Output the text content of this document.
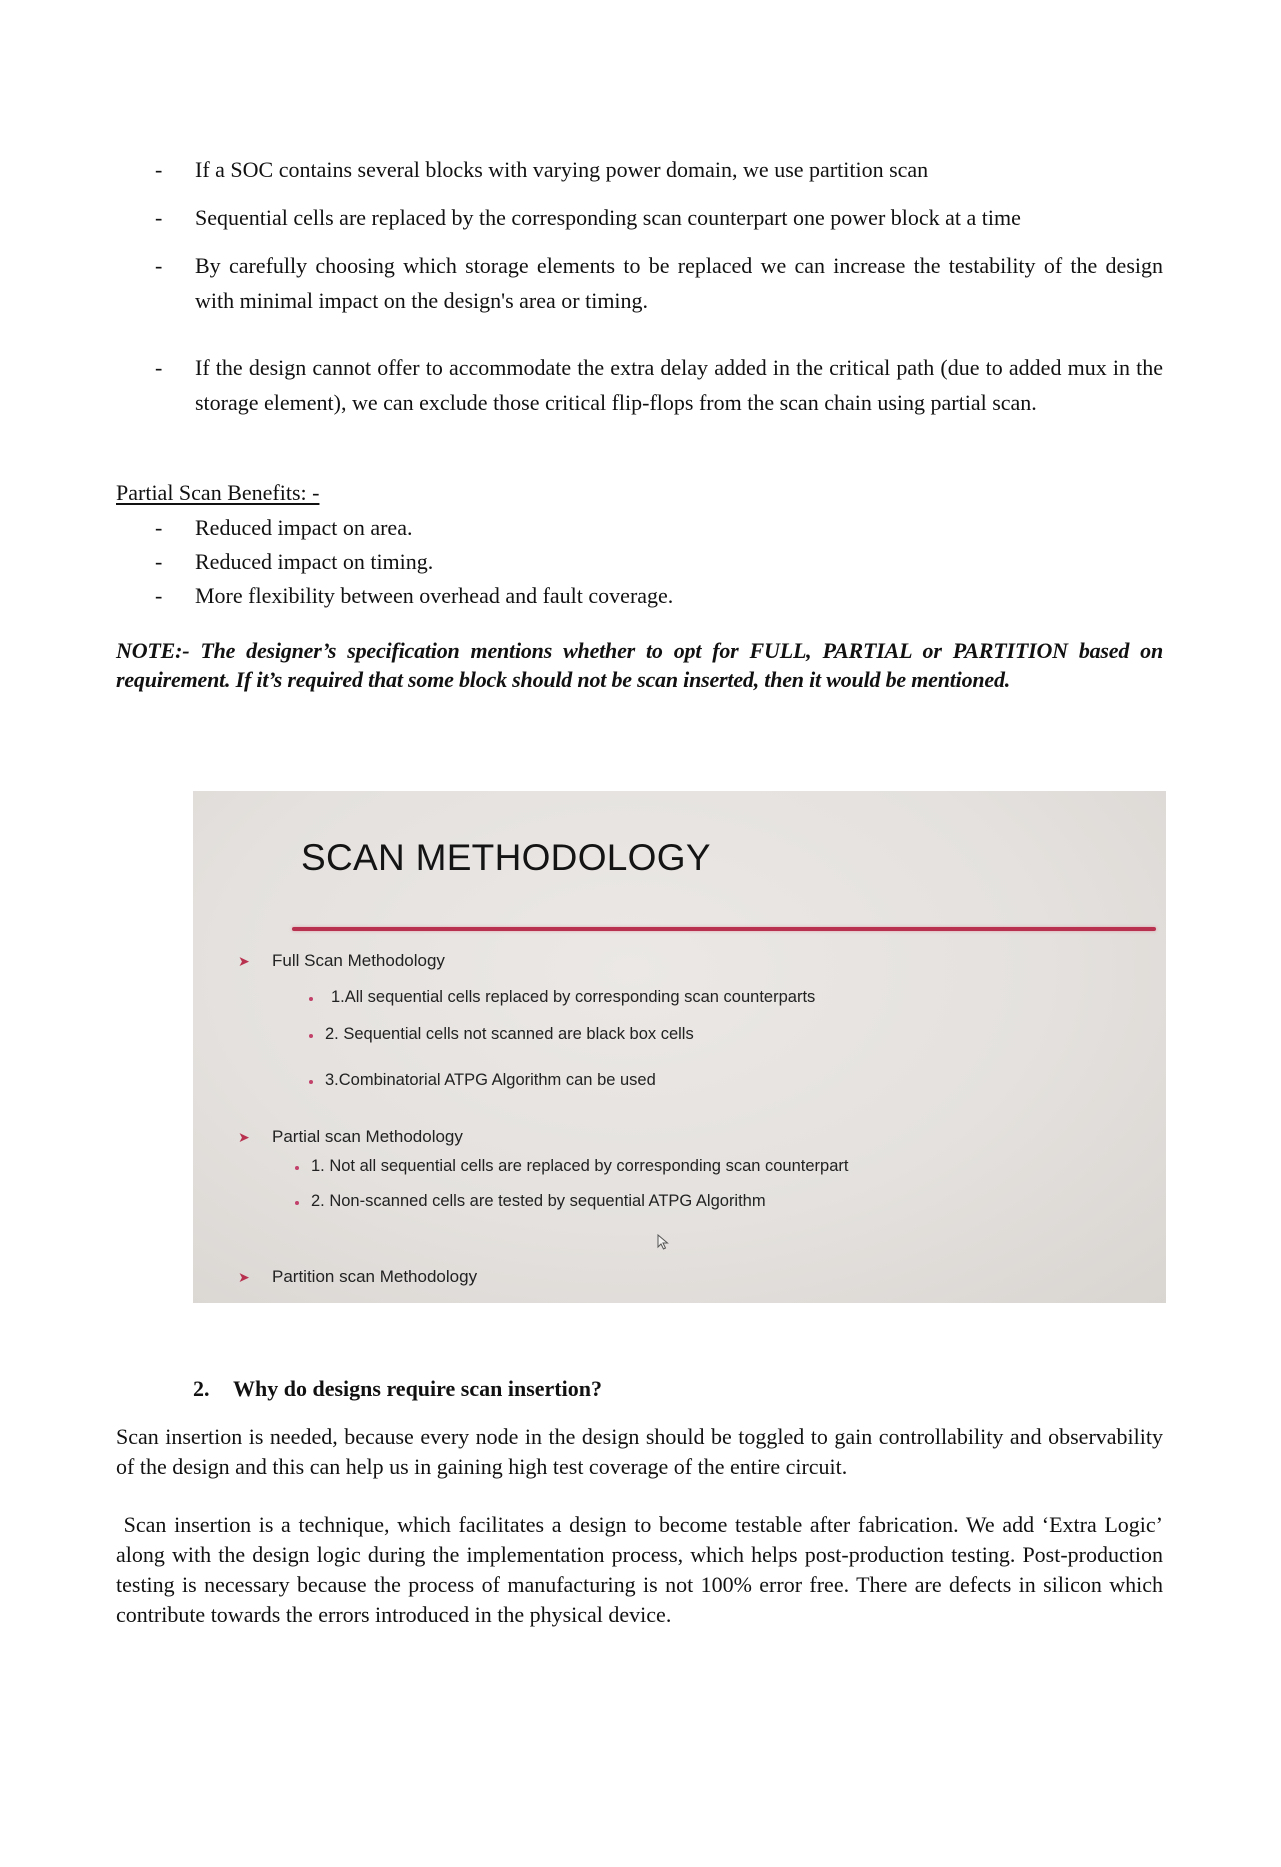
- If a SOC contains several blocks with varying power domain, we use partition scan
- Sequential cells are replaced by the corresponding scan counterpart one power block at a time
- By carefully choosing which storage elements to be replaced we can increase the testability of the design with minimal impact on the design's area or timing.
- If the design cannot offer to accommodate the extra delay added in the critical path (due to added mux in the storage element), we can exclude those critical flip-flops from the scan chain using partial scan.
Partial Scan Benefits: -
- Reduced impact on area.
- Reduced impact on timing.
- More flexibility between overhead and fault coverage.
NOTE:- The designer’s specification mentions whether to opt for FULL, PARTIAL or PARTITION based on requirement. If it’s required that some block should not be scan inserted, then it would be mentioned.
SCAN METHODOLOGY
➤ Full Scan Methodology
1.All sequential cells replaced by corresponding scan counterparts
2. Sequential cells not scanned are black box cells
3.Combinatorial ATPG Algorithm can be used
➤ Partial scan Methodology
1. Not all sequential cells are replaced by corresponding scan counterpart
2. Non-scanned cells are tested by sequential ATPG Algorithm
➤ Partition scan Methodology
2. Why do designs require scan insertion?
Scan insertion is needed, because every node in the design should be toggled to gain controllability and observability of the design and this can help us in gaining high test coverage of the entire circuit.
Scan insertion is a technique, which facilitates a design to become testable after fabrication. We add ‘Extra Logic’ along with the design logic during the implementation process, which helps post-production testing. Post-production testing is necessary because the process of manufacturing is not 100% error free. There are defects in silicon which contribute towards the errors introduced in the physical device.
